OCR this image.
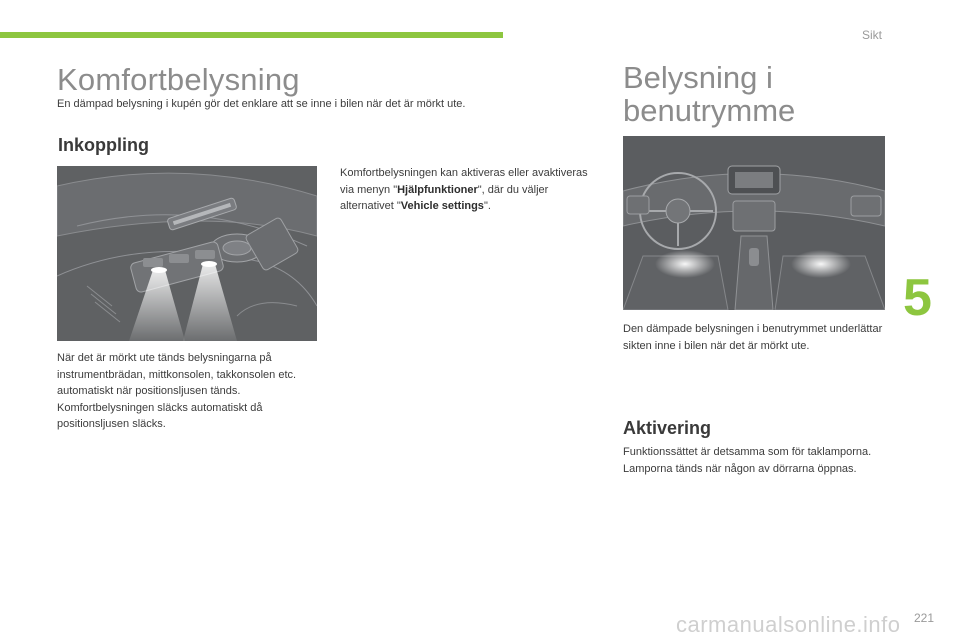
Sikt
Komfortbelysning

En dämpad belysning i kupén gör det enklare att se inne i bilen när det är mörkt ute.

Inkoppling

När det är mörkt ute tänds belysningarna på instrumentbrädan, mittkonsolen, takkonsolen etc. automatiskt när positionsljusen tänds. Komfortbelysningen släcks automatiskt då positionsljusen släcks.

Komfortbelysningen kan aktiveras eller avaktiveras via menyn "Hjälpfunktioner", där du väljer alternativet "Vehicle settings".

Belysning i
benutrymme

Den dämpade belysningen i benutrymmet underlättar sikten inne i bilen när det är mörkt ute.

Aktivering

Funktionssättet är detsamma som för taklamporna. Lamporna tänds när någon av dörrarna öppnas.

5
carmanualsonline.info 221
